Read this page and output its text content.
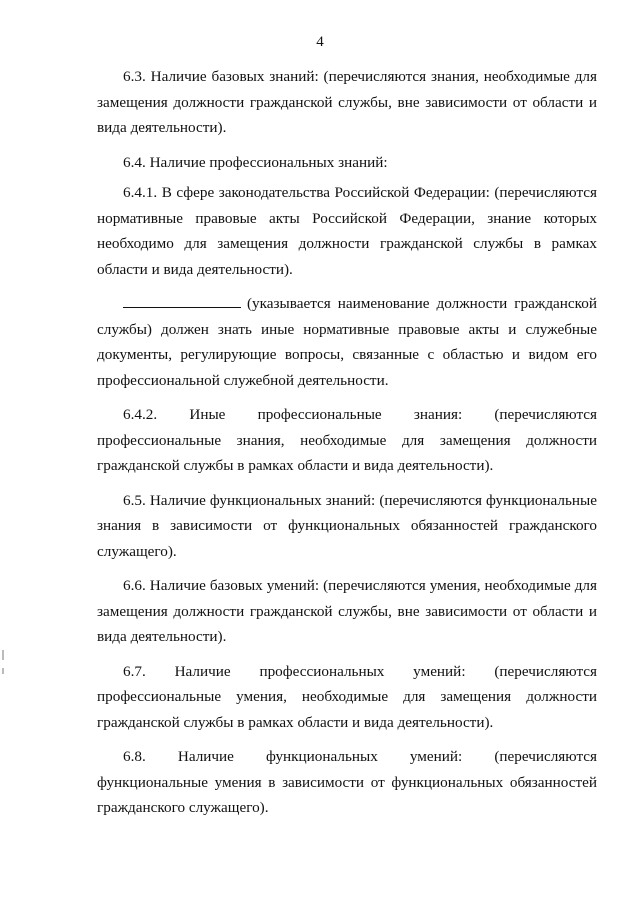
4

6.3. Наличие базовых знаний: (перечисляются знания, необходимые для замещения должности гражданской службы, вне зависимости от области и вида деятельности).

6.4. Наличие профессиональных знаний:

6.4.1. В сфере законодательства Российской Федерации: (перечисляются нормативные правовые акты Российской Федерации, знание которых необходимо для замещения должности гражданской службы в рамках области и вида деятельности).

(указывается наименование должности гражданской службы) должен знать иные нормативные правовые акты и служебные документы, регулирующие вопросы, связанные с областью и видом его профессиональной служебной деятельности.

6.4.2. Иные профессиональные знания: (перечисляются профессиональные знания, необходимые для замещения должности гражданской службы в рамках области и вида деятельности).

6.5. Наличие функциональных знаний: (перечисляются функциональные знания в зависимости от функциональных обязанностей гражданского служащего).

6.6. Наличие базовых умений: (перечисляются умения, необходимые для замещения должности гражданской службы, вне зависимости от области и вида деятельности).

6.7. Наличие профессиональных умений: (перечисляются профессиональные умения, необходимые для замещения должности гражданской службы в рамках области и вида деятельности).

6.8. Наличие функциональных умений: (перечисляются функциональные умения в зависимости от функциональных обязанностей гражданского служащего).
